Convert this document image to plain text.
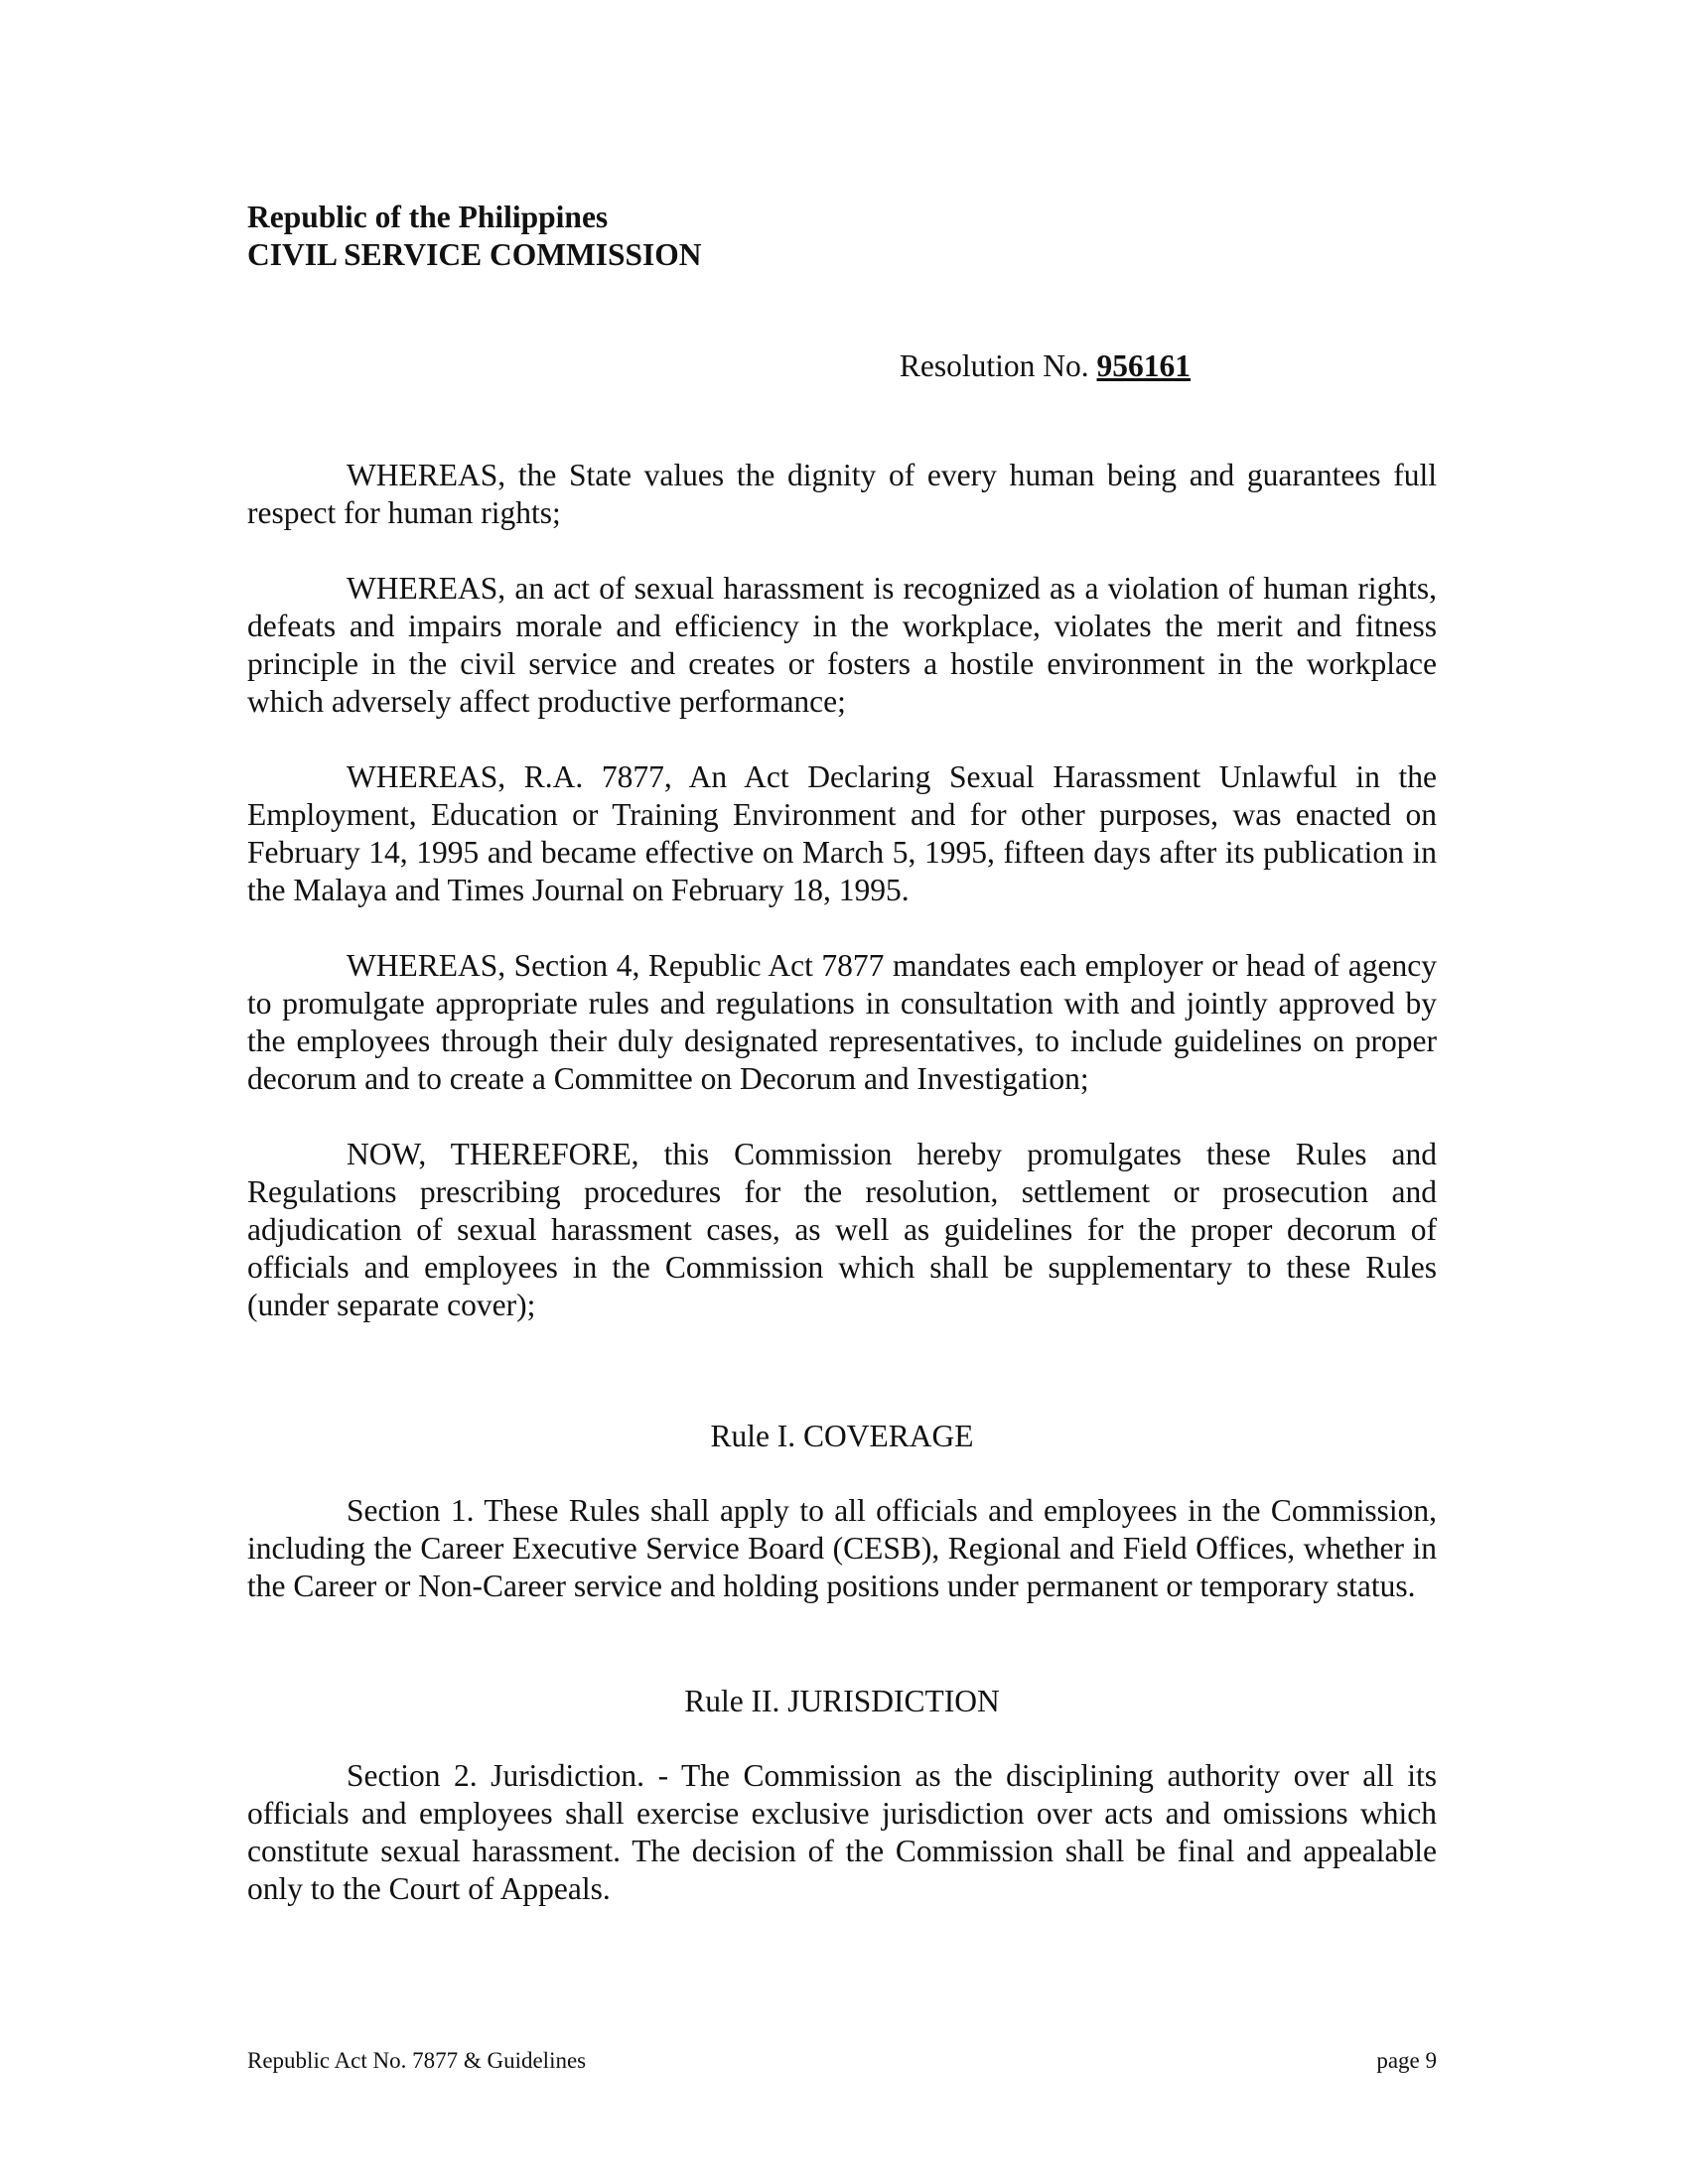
Republic of the Philippines

CIVIL SERVICE COMMISSION

Resolution No. 956161

WHEREAS, the State values the dignity of every human being and guarantees full respect for human rights;

WHEREAS, an act of sexual harassment is recognized as a violation of human rights, defeats and impairs morale and efficiency in the workplace, violates the merit and fitness principle in the civil service and creates or fosters a hostile environment in the workplace which adversely affect productive performance;

WHEREAS, R.A. 7877, An Act Declaring Sexual Harassment Unlawful in the Employment, Education or Training Environment and for other purposes, was enacted on February 14, 1995 and became effective on March 5, 1995, fifteen days after its publication in the Malaya and Times Journal on February 18, 1995.

WHEREAS, Section 4, Republic Act 7877 mandates each employer or head of agency to promulgate appropriate rules and regulations in consultation with and jointly approved by the employees through their duly designated representatives, to include guidelines on proper decorum and to create a Committee on Decorum and Investigation;

NOW, THEREFORE, this Commission hereby promulgates these Rules and Regulations prescribing procedures for the resolution, settlement or prosecution and adjudication of sexual harassment cases, as well as guidelines for the proper decorum of officials and employees in the Commission which shall be supplementary to these Rules (under separate cover);

Rule I. COVERAGE

Section 1. These Rules shall apply to all officials and employees in the Commission, including the Career Executive Service Board (CESB), Regional and Field Offices, whether in the Career or Non-Career service and holding positions under permanent or temporary status.

Rule II. JURISDICTION

Section 2. Jurisdiction. - The Commission as the disciplining authority over all its officials and employees shall exercise exclusive jurisdiction over acts and omissions which constitute sexual harassment. The decision of the Commission shall be final and appealable only to the Court of Appeals.

Republic Act No. 7877 & Guidelines	page 9
